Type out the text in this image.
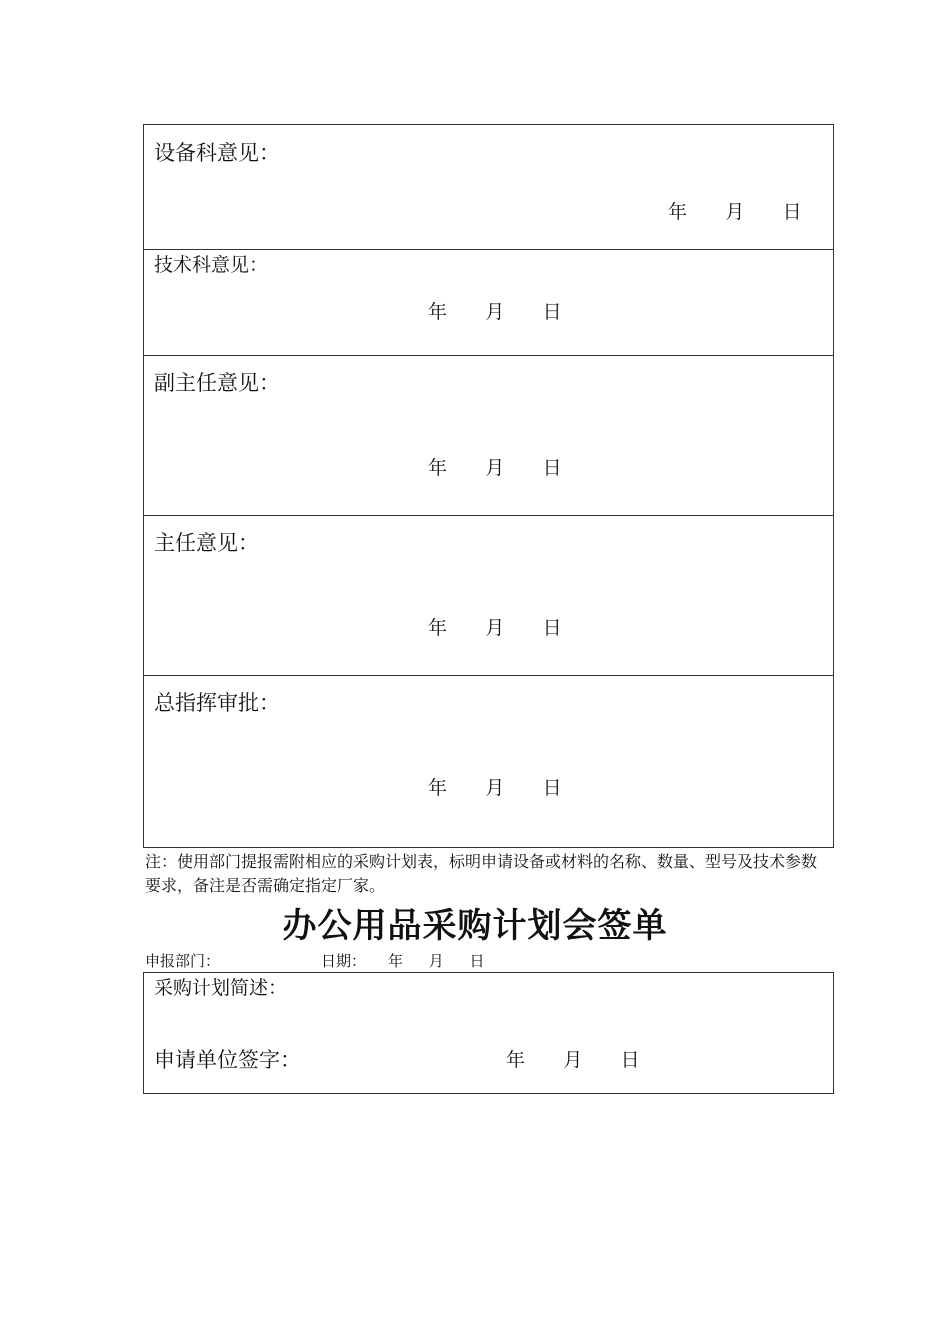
设备科意见：
年 月 日
技术科意见：
年 月 日
副主任意见：
年 月 日
主任意见：
年 月 日
总指挥审批：
年 月 日
注：使用部门提报需附相应的采购计划表，标明申请设备或材料的名称、数量、型号及技术参数要求，备注是否需确定指定厂家。
办公用品采购计划会签单
申报部门：	日期： 年 月 日
采购计划简述：
申请单位签字：	年 月 日
